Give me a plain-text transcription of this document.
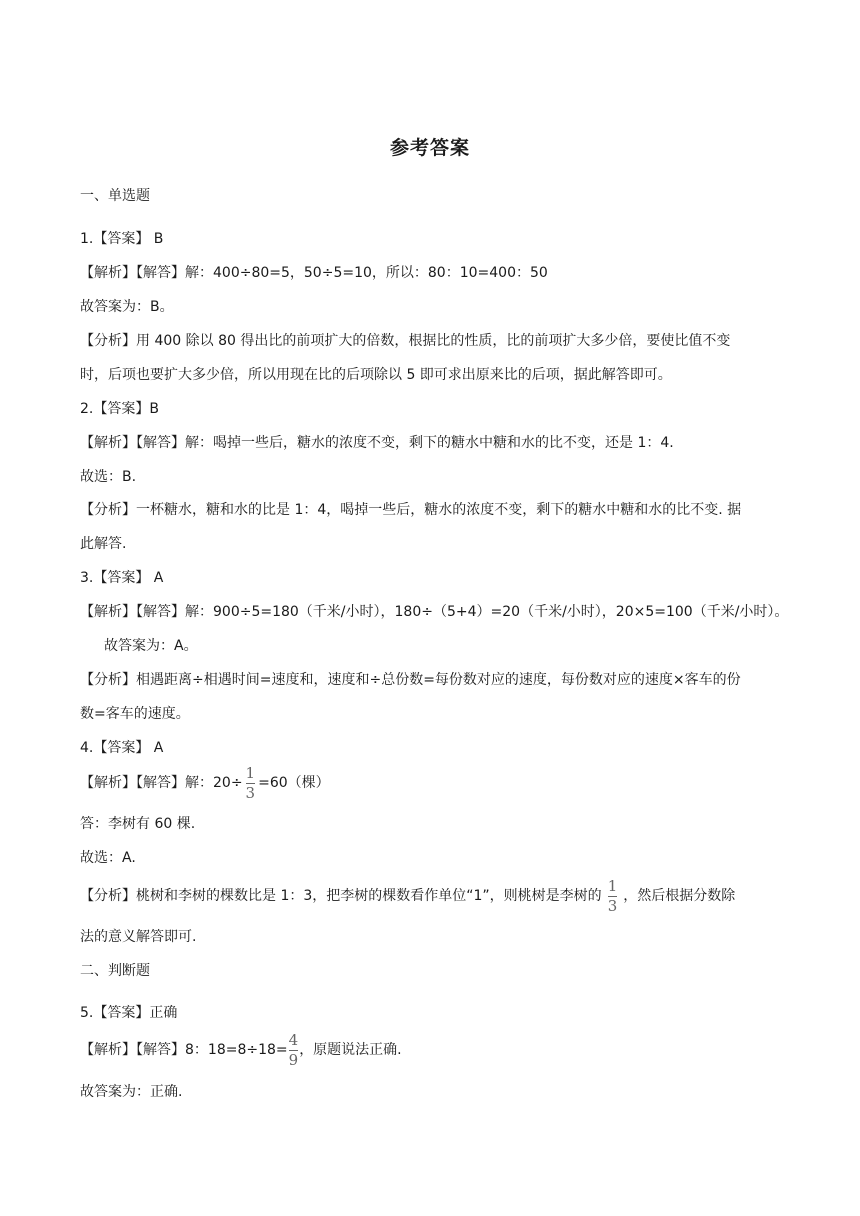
参考答案
一、单选题
1.【答案】 B
【解析】【解答】解：400÷80=5，50÷5=10，所以：80：10=400：50
故答案为：B。
【分析】用 400 除以 80 得出比的前项扩大的倍数，根据比的性质，比的前项扩大多少倍，要使比值不变
时，后项也要扩大多少倍，所以用现在比的后项除以 5 即可求出原来比的后项，据此解答即可。
2.【答案】B
【解析】【解答】解：喝掉一些后，糖水的浓度不变，剩下的糖水中糖和水的比不变，还是 1：4.
故选：B.
【分析】一杯糖水，糖和水的比是 1：4，喝掉一些后，糖水的浓度不变，剩下的糖水中糖和水的比不变. 据
此解答.
3.【答案】 A
【解析】【解答】解：900÷5=180（千米/小时），180÷（5+4）=20（千米/小时），20×5=100（千米/小时）。
故答案为：A。
【分析】相遇距离÷相遇时间=速度和，速度和÷总份数=每份数对应的速度，每份数对应的速度×客车的份
数=客车的速度。
4.【答案】 A
【解析】【解答】解：$20\div \frac{1}{3} =60$（棵）
答：李树有 60 棵.
故选：A.
【分析】桃树和李树的棵数比是 1：3，把李树的棵数看作单位“1”，则桃树是李树的 $\frac{1}{3}$ ，然后根据分数除
法的意义解答即可.
二、判断题
5.【答案】正确
【解析】【解答】8：$18=8\div 18= \frac{4}{9}$ ，原题说法正确.
故答案为：正确.
